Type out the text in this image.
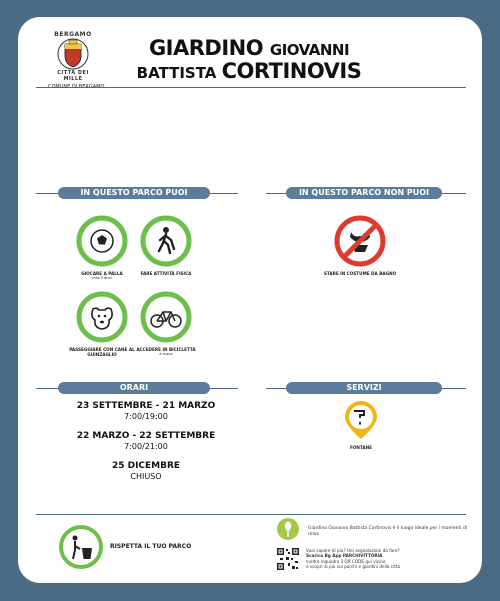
BERGAMO
CITTÀ DEI MILLE
GIARDINO GIOVANNI
BATTISTA CORTINOVIS
IN QUESTO PARCO PUOI	IN QUESTO PARCO NON PUOI
GIOCARE A PALLA
max 5 anni
FARE ATTIVITÀ FISICA
PASSEGGIARE CON CANE AL GUINZAGLIO
ACCEDERE IN BICICLETTA
a mano
STARE IN COSTUME DA BAGNO
ORARI	SERVIZI
23 SETTEMBRE - 21 MARZO
7:00/19:00
22 MARZO - 22 SETTEMBRE
7:00/21:00
25 DICEMBRE
CHIUSO
FONTANE
RISPETTA IL TUO PARCO
Giardino Giovanni Battista Cortinovis è il luogo ideale per i momenti di relax
Vuoi sapere di più? Hai segnalazioni da fare?
Scarica Bg App PARCHIVITTORIA
Inoltre inquadra il QR CODE qui vicino
e scopri di più sui parchi e giardini della città
